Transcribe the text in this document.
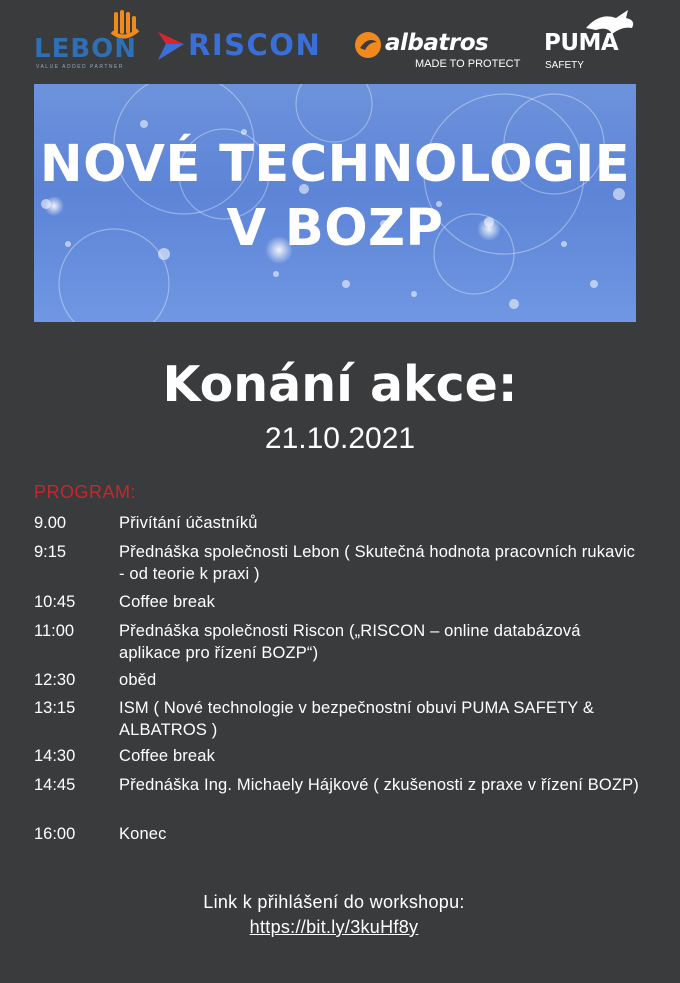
LEBON
VALUE ADDED PARTNER
RISCON	albatros
MADE TO PROTECT
PUMA
SAFETY
NOVÉ TECHNOLOGIE
V BOZP
Konání akce:
21.10.2021
PROGRAM:
9.00	Přivítání účastníků
9:15	Přednáška společnosti Lebon ( Skutečná hodnota pracovních rukavic - od teorie k praxi )
10:45	Coffee break
11:00	Přednáška společnosti Riscon („RISCON – online databázová aplikace pro řízení BOZP“)
12:30	oběd
13:15	ISM ( Nové technologie v bezpečnostní obuvi PUMA SAFETY & ALBATROS )
14:30	Coffee break
14:45	Přednáška Ing. Michaely Hájkové ( zkušenosti z praxe v řízení BOZP)
16:00	Konec
Link k přihlášení do workshopu:
https://bit.ly/3kuHf8y
